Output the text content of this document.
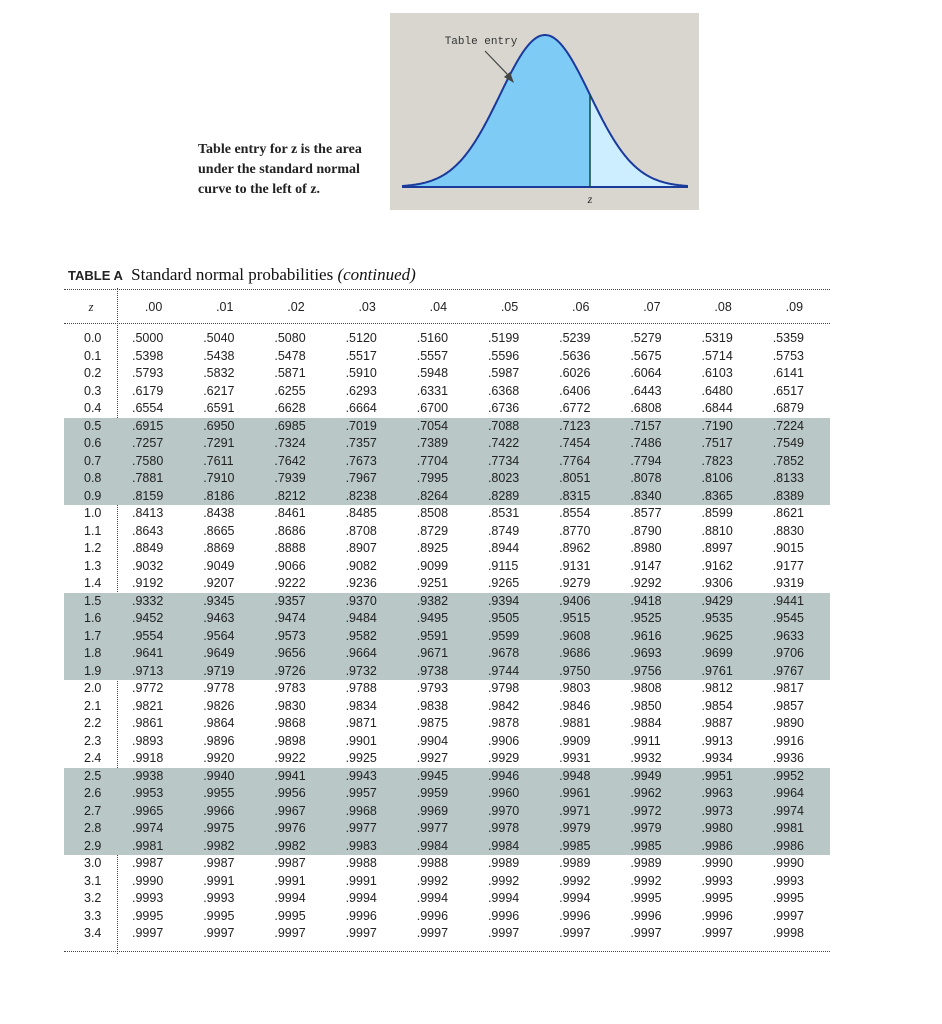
Table entry for z is the area under the standard normal curve to the left of z.
Table entry
z
TABLE A Standard normal probabilities (continued)
z	.00	.01	.02	.03	.04	.05	.06	.07	.08	.09

0.0	.5000	.5040	.5080	.5120	.5160	.5199	.5239	.5279	.5319	.5359
0.1	.5398	.5438	.5478	.5517	.5557	.5596	.5636	.5675	.5714	.5753
0.2	.5793	.5832	.5871	.5910	.5948	.5987	.6026	.6064	.6103	.6141
0.3	.6179	.6217	.6255	.6293	.6331	.6368	.6406	.6443	.6480	.6517
0.4	.6554	.6591	.6628	.6664	.6700	.6736	.6772	.6808	.6844	.6879
0.5	.6915	.6950	.6985	.7019	.7054	.7088	.7123	.7157	.7190	.7224
0.6	.7257	.7291	.7324	.7357	.7389	.7422	.7454	.7486	.7517	.7549
0.7	.7580	.7611	.7642	.7673	.7704	.7734	.7764	.7794	.7823	.7852
0.8	.7881	.7910	.7939	.7967	.7995	.8023	.8051	.8078	.8106	.8133
0.9	.8159	.8186	.8212	.8238	.8264	.8289	.8315	.8340	.8365	.8389
1.0	.8413	.8438	.8461	.8485	.8508	.8531	.8554	.8577	.8599	.8621
1.1	.8643	.8665	.8686	.8708	.8729	.8749	.8770	.8790	.8810	.8830
1.2	.8849	.8869	.8888	.8907	.8925	.8944	.8962	.8980	.8997	.9015
1.3	.9032	.9049	.9066	.9082	.9099	.9115	.9131	.9147	.9162	.9177
1.4	.9192	.9207	.9222	.9236	.9251	.9265	.9279	.9292	.9306	.9319
1.5	.9332	.9345	.9357	.9370	.9382	.9394	.9406	.9418	.9429	.9441
1.6	.9452	.9463	.9474	.9484	.9495	.9505	.9515	.9525	.9535	.9545
1.7	.9554	.9564	.9573	.9582	.9591	.9599	.9608	.9616	.9625	.9633
1.8	.9641	.9649	.9656	.9664	.9671	.9678	.9686	.9693	.9699	.9706
1.9	.9713	.9719	.9726	.9732	.9738	.9744	.9750	.9756	.9761	.9767
2.0	.9772	.9778	.9783	.9788	.9793	.9798	.9803	.9808	.9812	.9817
2.1	.9821	.9826	.9830	.9834	.9838	.9842	.9846	.9850	.9854	.9857
2.2	.9861	.9864	.9868	.9871	.9875	.9878	.9881	.9884	.9887	.9890
2.3	.9893	.9896	.9898	.9901	.9904	.9906	.9909	.9911	.9913	.9916
2.4	.9918	.9920	.9922	.9925	.9927	.9929	.9931	.9932	.9934	.9936
2.5	.9938	.9940	.9941	.9943	.9945	.9946	.9948	.9949	.9951	.9952
2.6	.9953	.9955	.9956	.9957	.9959	.9960	.9961	.9962	.9963	.9964
2.7	.9965	.9966	.9967	.9968	.9969	.9970	.9971	.9972	.9973	.9974
2.8	.9974	.9975	.9976	.9977	.9977	.9978	.9979	.9979	.9980	.9981
2.9	.9981	.9982	.9982	.9983	.9984	.9984	.9985	.9985	.9986	.9986
3.0	.9987	.9987	.9987	.9988	.9988	.9989	.9989	.9989	.9990	.9990
3.1	.9990	.9991	.9991	.9991	.9992	.9992	.9992	.9992	.9993	.9993
3.2	.9993	.9993	.9994	.9994	.9994	.9994	.9994	.9995	.9995	.9995
3.3	.9995	.9995	.9995	.9996	.9996	.9996	.9996	.9996	.9996	.9997
3.4	.9997	.9997	.9997	.9997	.9997	.9997	.9997	.9997	.9997	.9998
